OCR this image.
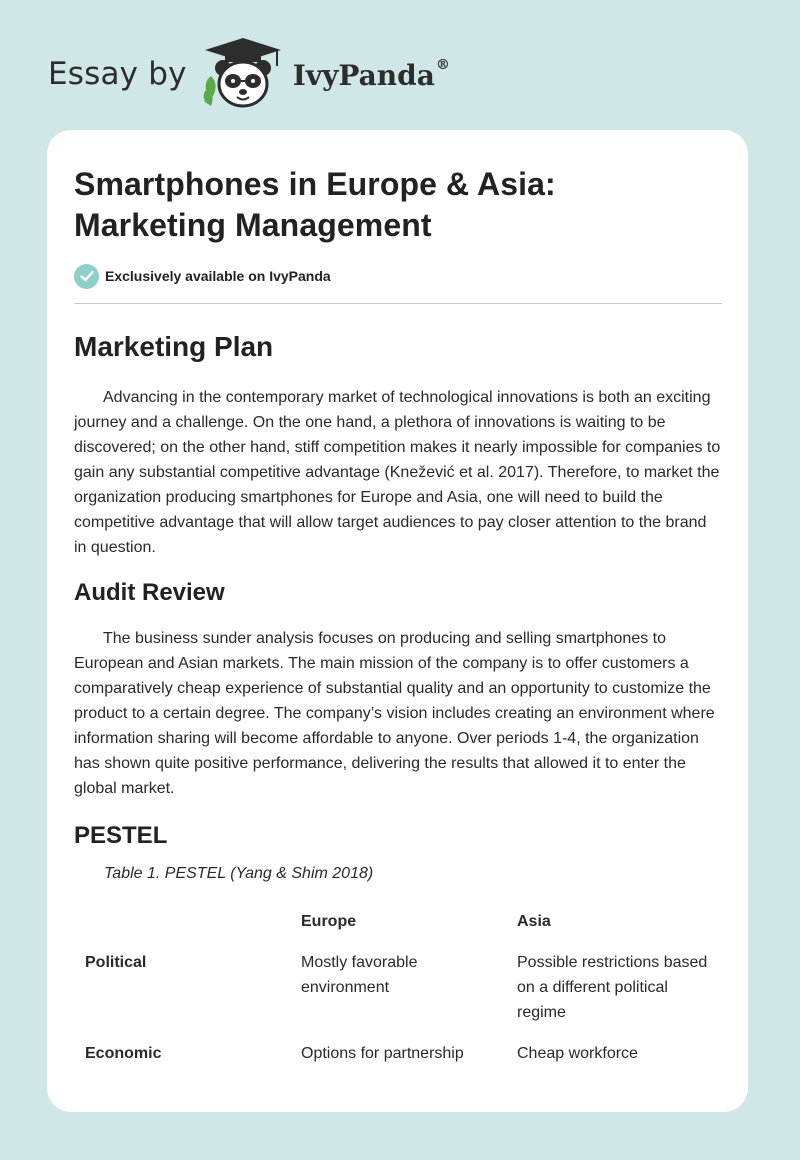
Essay by	IvyPanda®
Smartphones in Europe & Asia:
Marketing Management
Exclusively available on IvyPanda
Marketing Plan

Advancing in the contemporary market of technological innovations is both an exciting journey and a challenge. On the one hand, a plethora of innovations is waiting to be discovered; on the other hand, stiff competition makes it nearly impossible for companies to gain any substantial competitive advantage (Knežević et al. 2017). Therefore, to market the organization producing smartphones for Europe and Asia, one will need to build the competitive advantage that will allow target audiences to pay closer attention to the brand in question.

Audit Review

The business sunder analysis focuses on producing and selling smartphones to European and Asian markets. The main mission of the company is to offer customers a comparatively cheap experience of substantial quality and an opportunity to customize the product to a certain degree. The company’s vision includes creating an environment where information sharing will become affordable to anyone. Over periods 1-4, the organization has shown quite positive performance, delivering the results that allowed it to enter the global market.

PESTEL

Table 1. PESTEL (Yang & Shim 2018)

	Europe	Asia
Political	Mostly favorable environment	Possible restrictions based on a different political regime
Economic	Options for partnership	Cheap workforce
